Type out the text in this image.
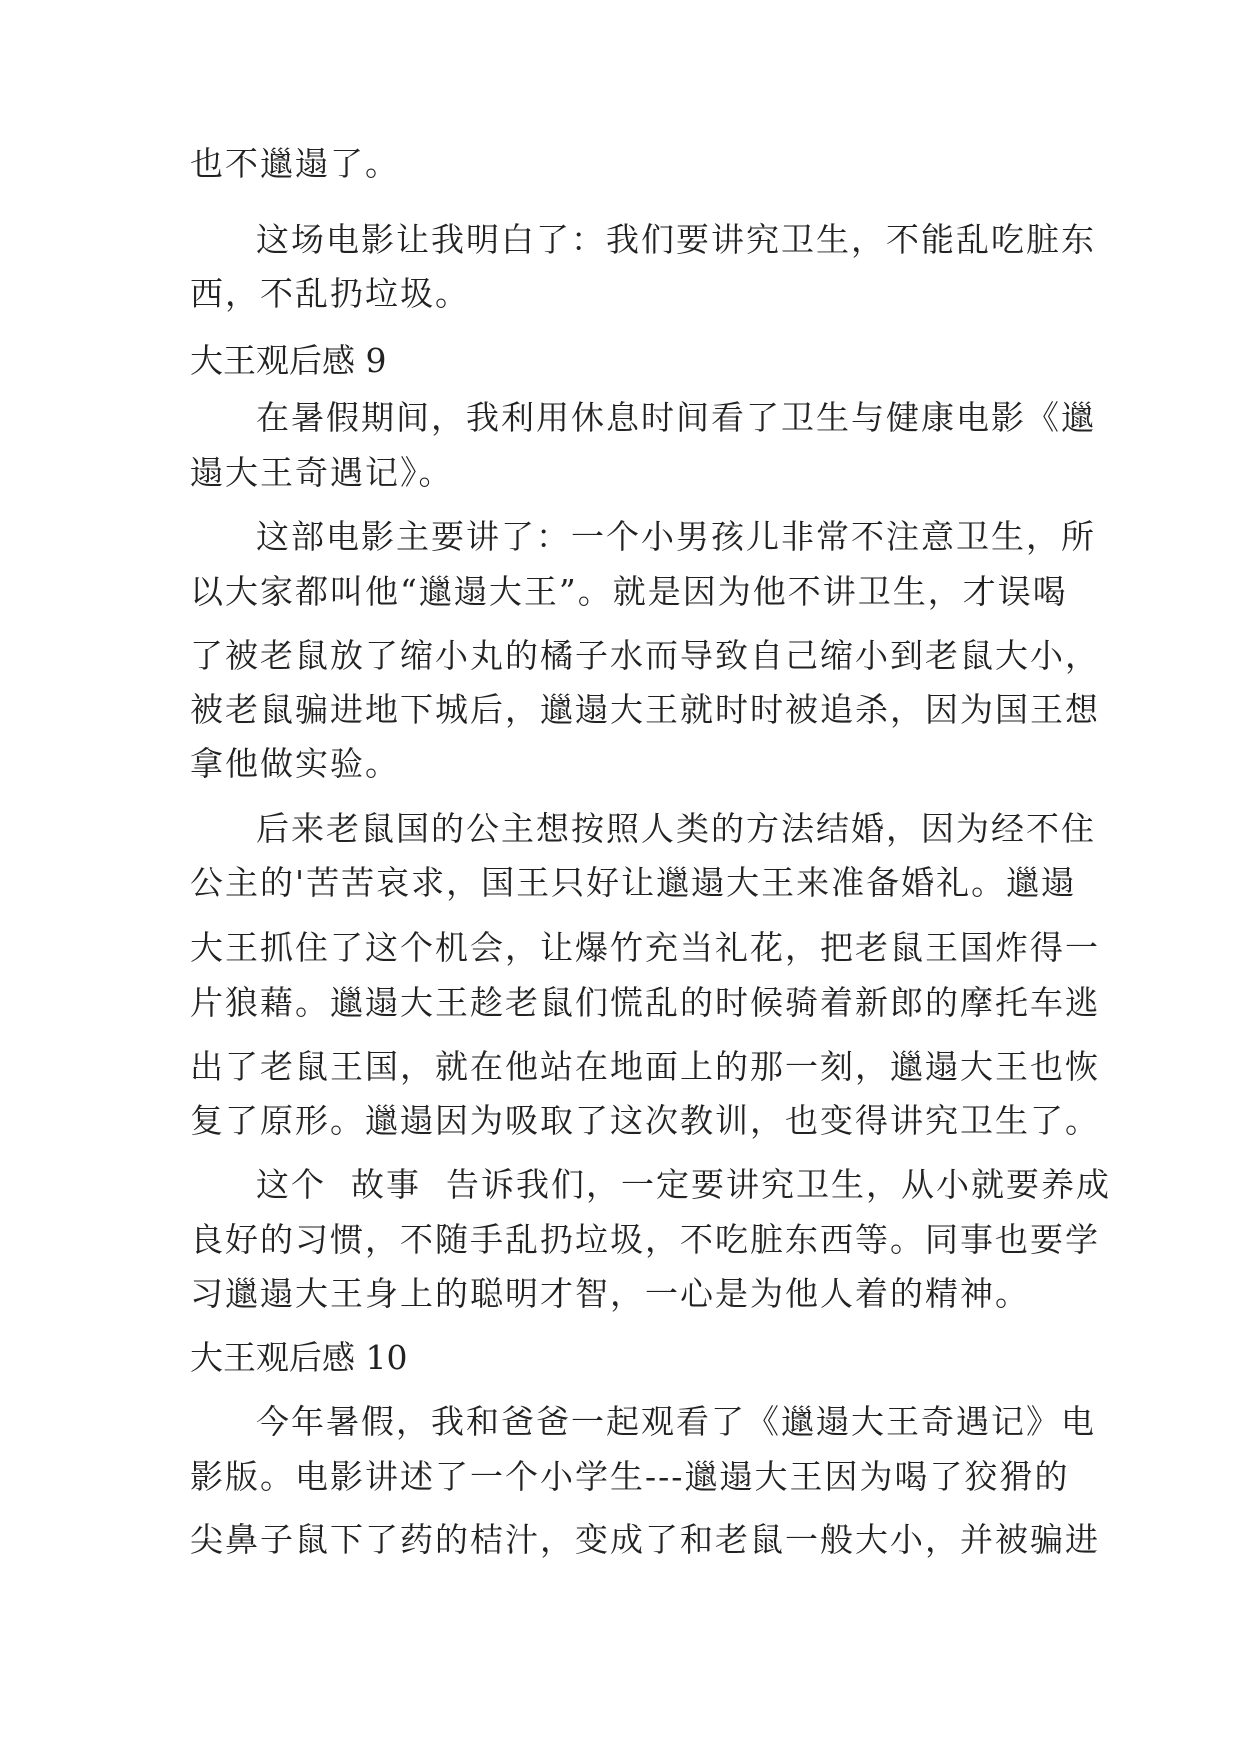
也不邋遢了。
这场电影让我明白了：我们要讲究卫生，不能乱吃脏东
西，不乱扔垃圾。
大王观后感 9
在暑假期间，我利用休息时间看了卫生与健康电影《邋
遢大王奇遇记》。
这部电影主要讲了：一个小男孩儿非常不注意卫生，所
以大家都叫他“邋遢大王”。就是因为他不讲卫生，才误喝
了被老鼠放了缩小丸的橘子水而导致自己缩小到老鼠大小，
被老鼠骗进地下城后，邋遢大王就时时被追杀，因为国王想
拿他做实验。
后来老鼠国的公主想按照人类的方法结婚，因为经不住
公主的'苦苦哀求，国王只好让邋遢大王来准备婚礼。邋遢
大王抓住了这个机会，让爆竹充当礼花，把老鼠王国炸得一
片狼藉。邋遢大王趁老鼠们慌乱的时候骑着新郎的摩托车逃
出了老鼠王国，就在他站在地面上的那一刻，邋遢大王也恢
复了原形。邋遢因为吸取了这次教训，也变得讲究卫生了。
这个  故事  告诉我们，一定要讲究卫生，从小就要养成
良好的习惯，不随手乱扔垃圾，不吃脏东西等。同事也要学
习邋遢大王身上的聪明才智，一心是为他人着的精神。
大王观后感 10
今年暑假，我和爸爸一起观看了《邋遢大王奇遇记》电
影版。电影讲述了一个小学生---邋遢大王因为喝了狡猾的
尖鼻子鼠下了药的桔汁，变成了和老鼠一般大小，并被骗进
